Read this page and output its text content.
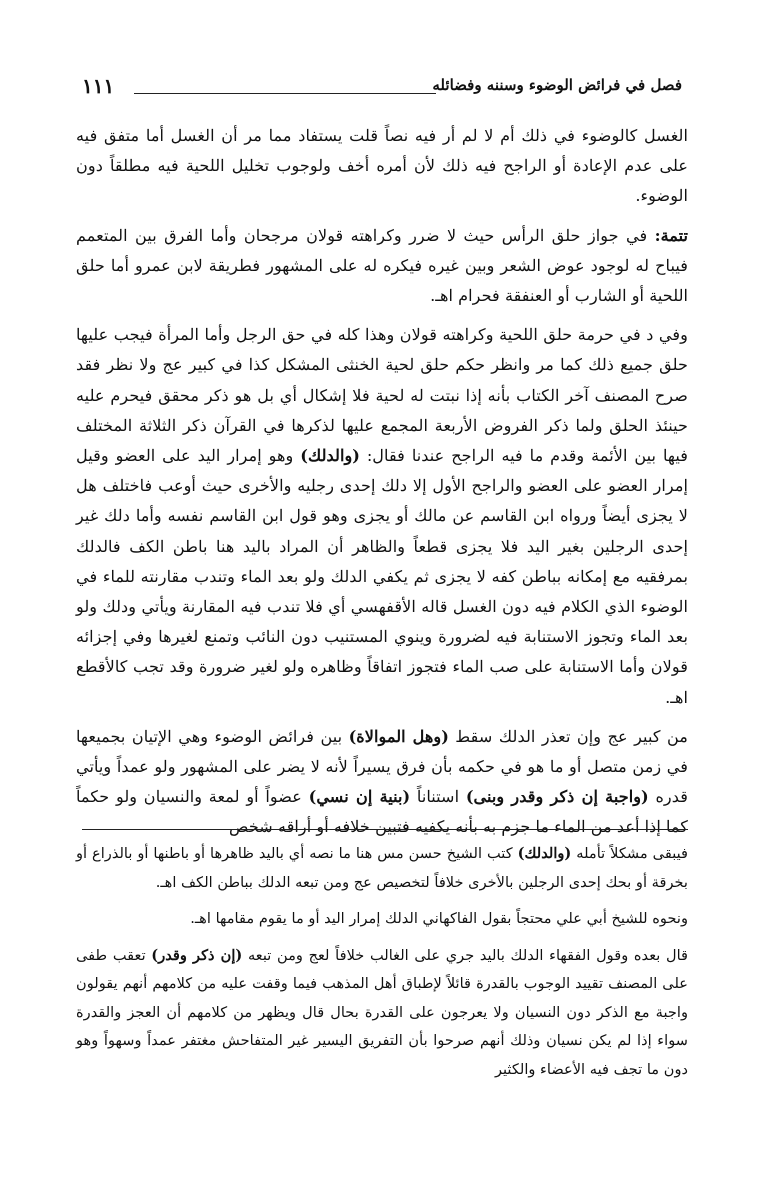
فصل في فرائض الوضوء وسننه وفضائله
١١١

الغسل كالوضوء في ذلك أم لا لم أر فيه نصاً قلت يستفاد مما مر أن الغسل أما متفق فيه على عدم الإعادة أو الراجح فيه ذلك لأن أمره أخف ولوجوب تخليل اللحية فيه مطلقاً دون الوضوء.

تتمة: في جواز حلق الرأس حيث لا ضرر وكراهته قولان مرجحان وأما الفرق بين المتعمم فيباح له لوجود عوض الشعر وبين غيره فيكره له على المشهور فطريقة لابن عمرو أما حلق اللحية أو الشارب أو العنفقة فحرام اهـ.

وفي د في حرمة حلق اللحية وكراهته قولان وهذا كله في حق الرجل وأما المرأة فيجب عليها حلق جميع ذلك كما مر وانظر حكم حلق لحية الخنثى المشكل كذا في كبير عج ولا نظر فقد صرح المصنف آخر الكتاب بأنه إذا نبتت له لحية فلا إشكال أي بل هو ذكر محقق فيحرم عليه حينئذ الحلق ولما ذكر الفروض الأربعة المجمع عليها لذكرها في القرآن ذكر الثلاثة المختلف فيها بين الأئمة وقدم ما فيه الراجح عندنا فقال: (والدلك) وهو إمرار اليد على العضو وقيل إمرار العضو على العضو والراجح الأول إلا دلك إحدى رجليه والأخرى حيث أوعب فاختلف هل لا يجزى أيضاً ورواه ابن القاسم عن مالك أو يجزى وهو قول ابن القاسم نفسه وأما دلك غير إحدى الرجلين بغير اليد فلا يجزى قطعاً والظاهر أن المراد باليد هنا باطن الكف فالدلك بمرفقيه مع إمكانه بباطن كفه لا يجزى ثم يكفي الدلك ولو بعد الماء وتندب مقارنته للماء في الوضوء الذي الكلام فيه دون الغسل قاله الأقفهسي أي فلا تندب فيه المقارنة ويأتي ودلك ولو بعد الماء وتجوز الاستنابة فيه لضرورة وينوي المستنيب دون النائب وتمنع لغيرها وفي إجزائه قولان وأما الاستنابة على صب الماء فتجوز اتفاقاً وظاهره ولو لغير ضرورة وقد تجب كالأقطع اهـ.

من كبير عج وإن تعذر الدلك سقط (وهل الموالاة) بين فرائض الوضوء وهي الإتيان بجميعها في زمن متصل أو ما هو في حكمه بأن فرق يسيراً لأنه لا يضر على المشهور ولو عمداً ويأتي قدره (واجبة إن ذكر وقدر وبنى) استناناً (بنية إن نسي) عضواً أو لمعة والنسيان ولو حكماً كما إذا أعد من الماء ما جزم به بأنه يكفيه فتبين خلافه أو أراقه شخص

فيبقى مشكلاً تأمله (والدلك) كتب الشيخ حسن مس هنا ما نصه أي باليد ظاهرها أو باطنها أو بالذراع أو بخرقة أو بحك إحدى الرجلين بالأخرى خلافاً لتخصيص عج ومن تبعه الدلك بباطن الكف اهـ.

ونحوه للشيخ أبي علي محتجاً بقول الفاكهاني الدلك إمرار اليد أو ما يقوم مقامها اهـ.

قال بعده وقول الفقهاء الدلك باليد جري على الغالب خلافاً لعج ومن تبعه (إن ذكر وقدر) تعقب طفى على المصنف تقييد الوجوب بالقدرة قائلاً لإطباق أهل المذهب فيما وقفت عليه من كلامهم أنهم يقولون واجبة مع الذكر دون النسيان ولا يعرجون على القدرة بحال قال ويظهر من كلامهم أن العجز والقدرة سواء إذا لم يكن نسيان وذلك أنهم صرحوا بأن التفريق اليسير غير المتفاحش مغتفر عمداً وسهواً وهو دون ما تجف فيه الأعضاء والكثير
